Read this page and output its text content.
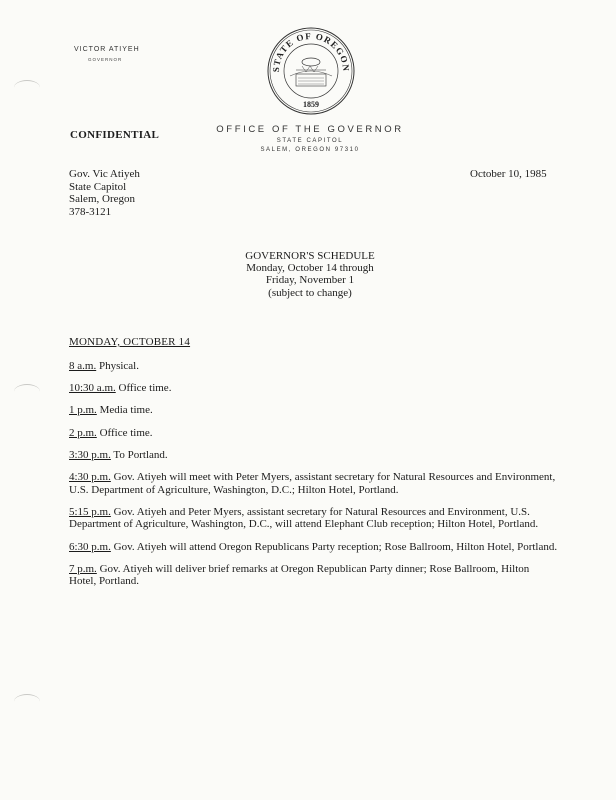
VICTOR ATIYEH
GOVERNOR
STATE OF OREGON
1859
CONFIDENTIAL	OFFICE OF THE GOVERNOR
STATE CAPITOL
SALEM, OREGON 97310
Gov. Vic Atiyeh
State Capitol
Salem, Oregon
378-3121
October 10, 1985
GOVERNOR'S SCHEDULE
Monday, October 14 through
Friday, November 1
(subject to change)
MONDAY, OCTOBER 14
8 a.m. Physical.
10:30 a.m. Office time.
1 p.m. Media time.
2 p.m. Office time.
3:30 p.m. To Portland.
4:30 p.m. Gov. Atiyeh will meet with Peter Myers, assistant secretary for Natural Resources and Environment, U.S. Department of Agriculture, Washington, D.C.; Hilton Hotel, Portland.
5:15 p.m. Gov. Atiyeh and Peter Myers, assistant secretary for Natural Resources and Environment, U.S. Department of Agriculture, Washington, D.C., will attend Elephant Club reception; Hilton Hotel, Portland.
6:30 p.m. Gov. Atiyeh will attend Oregon Republicans Party reception; Rose Ballroom, Hilton Hotel, Portland.
7 p.m. Gov. Atiyeh will deliver brief remarks at Oregon Republican Party dinner; Rose Ballroom, Hilton Hotel, Portland.
